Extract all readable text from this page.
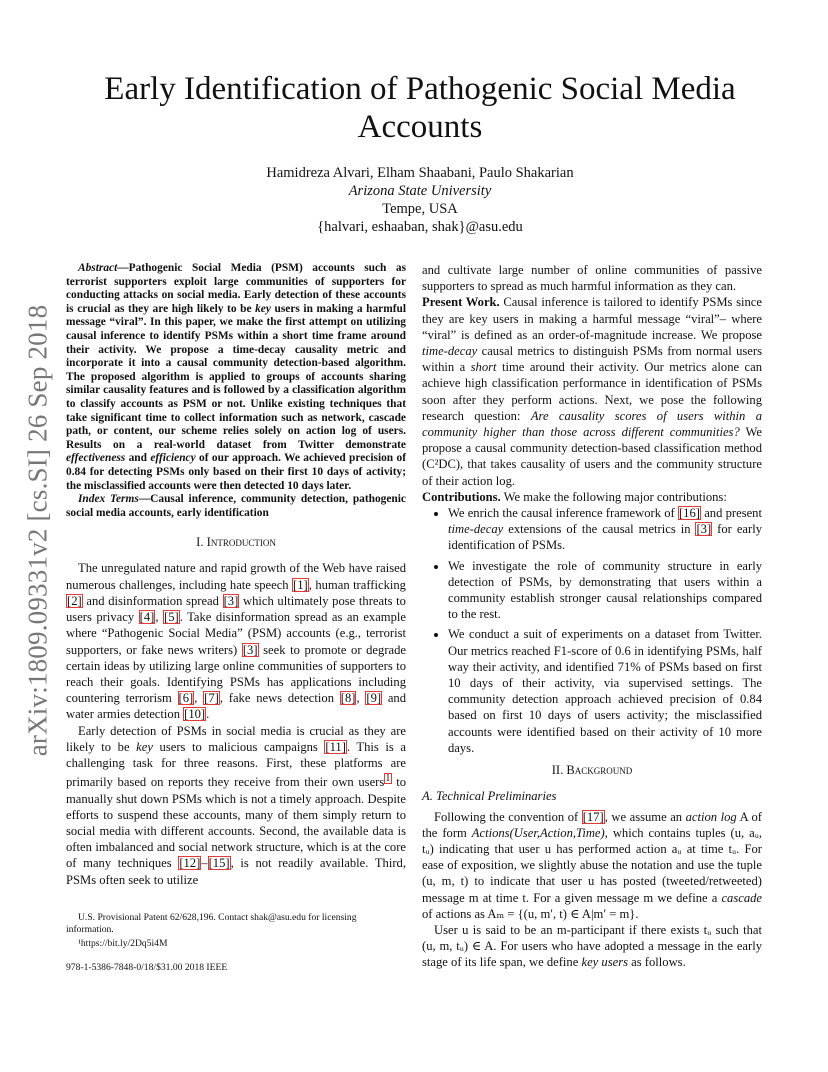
arXiv:1809.09331v2 [cs.SI] 26 Sep 2018
Early Identification of Pathogenic Social Media Accounts
Hamidreza Alvari, Elham Shaabani, Paulo Shakarian
Arizona State University
Tempe, USA
{halvari, eshaaban, shak}@asu.edu

Abstract—Pathogenic Social Media (PSM) accounts such as terrorist supporters exploit large communities of supporters for conducting attacks on social media. Early detection of these accounts is crucial as they are high likely to be key users in making a harmful message “viral”. In this paper, we make the first attempt on utilizing causal inference to identify PSMs within a short time frame around their activity. We propose a time-decay causality metric and incorporate it into a causal community detection-based algorithm. The proposed algorithm is applied to groups of accounts sharing similar causality features and is followed by a classification algorithm to classify accounts as PSM or not. Unlike existing techniques that take significant time to collect information such as network, cascade path, or content, our scheme relies solely on action log of users. Results on a real-world dataset from Twitter demonstrate effectiveness and efficiency of our approach. We achieved precision of 0.84 for detecting PSMs only based on their first 10 days of activity; the misclassified accounts were then detected 10 days later.

Index Terms—Causal inference, community detection, pathogenic social media accounts, early identification

I. Introduction

The unregulated nature and rapid growth of the Web have raised numerous challenges, including hate speech [1], human trafficking [2] and disinformation spread [3] which ultimately pose threats to users privacy [4], [5]. Take disinformation spread as an example where “Pathogenic Social Media” (PSM) accounts (e.g., terrorist supporters, or fake news writers) [3] seek to promote or degrade certain ideas by utilizing large online communities of supporters to reach their goals. Identifying PSMs has applications including countering terrorism [6], [7], fake news detection [8], [9] and water armies detection [10].

Early detection of PSMs in social media is crucial as they are likely to be key users to malicious campaigns [11]. This is a challenging task for three reasons. First, these platforms are primarily based on reports they receive from their own users$^1$ to manually shut down PSMs which is not a timely approach. Despite efforts to suspend these accounts, many of them simply return to social media with different accounts. Second, the available data is often imbalanced and social network structure, which is at the core of many techniques [12]–[15], is not readily available. Third, PSMs often seek to utilize

U.S. Provisional Patent 62/628,196. Contact shak@asu.edu for licensing information.

¹https://bit.ly/2Dq5i4M

978-1-5386-7848-0/18/$31.00 2018 IEEE

and cultivate large number of online communities of passive supporters to spread as much harmful information as they can.

Present Work. Causal inference is tailored to identify PSMs since they are key users in making a harmful message “viral”– where “viral” is defined as an order-of-magnitude increase. We propose time-decay causal metrics to distinguish PSMs from normal users within a short time around their activity. Our metrics alone can achieve high classification performance in identification of PSMs soon after they perform actions. Next, we pose the following research question: Are causality scores of users within a community higher than those across different communities? We propose a causal community detection-based classification method (C²DC), that takes causality of users and the community structure of their action log.

Contributions. We make the following major contributions:

• We enrich the causal inference framework of [16] and present time-decay extensions of the causal metrics in [3] for early identification of PSMs.
• We investigate the role of community structure in early detection of PSMs, by demonstrating that users within a community establish stronger causal relationships compared to the rest.
• We conduct a suit of experiments on a dataset from Twitter. Our metrics reached F1-score of 0.6 in identifying PSMs, half way their activity, and identified 71% of PSMs based on first 10 days of their activity, via supervised settings. The community detection approach achieved precision of 0.84 based on first 10 days of users activity; the misclassified accounts were identified based on their activity of 10 more days.
II. Background
A. Technical Preliminaries

Following the convention of [17], we assume an action log A of the form Actions(User,Action,Time), which contains tuples (u, aᵤ, tᵤ) indicating that user u has performed action aᵤ at time tᵤ. For ease of exposition, we slightly abuse the notation and use the tuple (u, m, t) to indicate that user u has posted (tweeted/retweeted) message m at time t. For a given message m we define a cascade of actions as Aₘ = {(u, m′, t) ∈ A|m′ = m}.

User u is said to be an m-participant if there exists tᵤ such that (u, m, tᵤ) ∈ A. For users who have adopted a message in the early stage of its life span, we define key users as follows.
